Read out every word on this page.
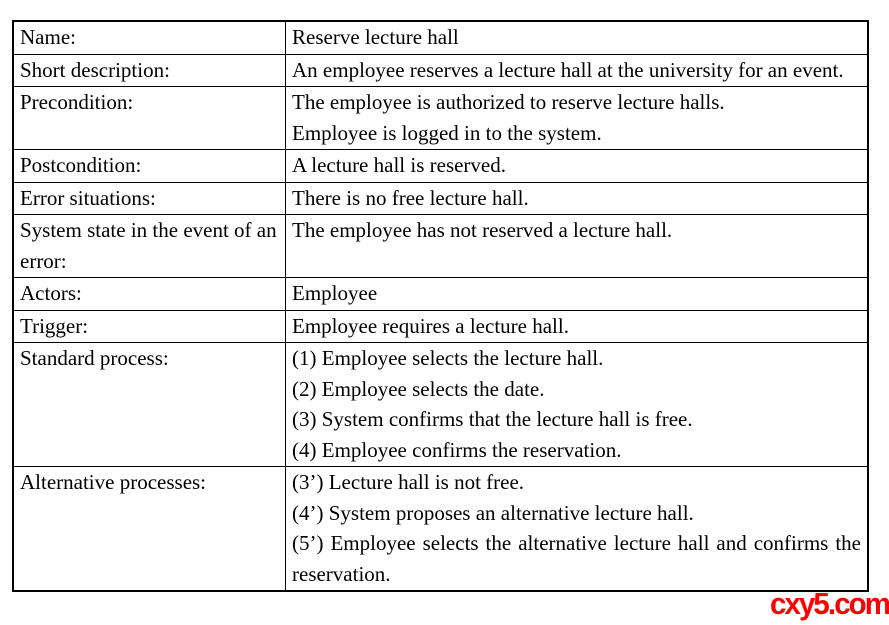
Name:	Reserve lecture hall

Short description:	An employee reserves a lecture hall at the university for an event.

Precondition:	The employee is authorized to reserve lecture halls.
Employee is logged in to the system.

Postcondition:	A lecture hall is reserved.

Error situations:	There is no free lecture hall.

System state in the event of an error:	The employee has not reserved a lecture hall.

Actors:	Employee

Trigger:	Employee requires a lecture hall.

Standard process:	(1) Employee selects the lecture hall.
(2) Employee selects the date.
(3) System confirms that the lecture hall is free.
(4) Employee confirms the reservation.

Alternative processes:	(3’) Lecture hall is not free.
(4’) System proposes an alternative lecture hall.
(5’) Employee selects the alternative lecture hall and confirms the reservation.
cxy5.com
